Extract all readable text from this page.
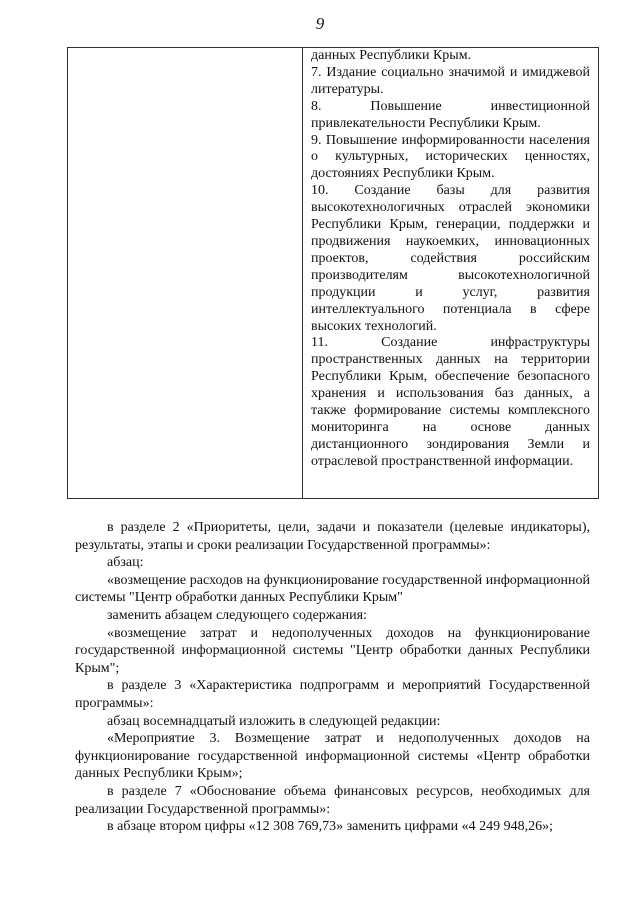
9

данных Республики Крым.

7. Издание социально значимой и имиджевой литературы.

8. Повышение инвестиционной привлекательности Республики Крым.

9. Повышение информированности населения о культурных, исторических ценностях, достояниях Республики Крым.

10. Создание базы для развития высокотехнологичных отраслей экономики Республики Крым, генерации, поддержки и продвижения наукоемких, инновационных проектов, содействия российским производителям высокотехнологичной продукции и услуг, развития интеллектуального потенциала в сфере высоких технологий.

11. Создание инфраструктуры пространственных данных на территории Республики Крым, обеспечение безопасного хранения и использования баз данных, а также формирование системы комплексного мониторинга на основе данных дистанционного зондирования Земли и отраслевой пространственной информации.

в разделе 2 «Приоритеты, цели, задачи и показатели (целевые индикаторы), результаты, этапы и сроки реализации Государственной программы»:

абзац:

«возмещение расходов на функционирование государственной информационной системы "Центр обработки данных Республики Крым"

заменить абзацем следующего содержания:

«возмещение затрат и недополученных доходов на функционирование государственной информационной системы "Центр обработки данных Республики Крым";

в разделе 3 «Характеристика подпрограмм и мероприятий Государственной программы»:

абзац восемнадцатый изложить в следующей редакции:

«Мероприятие 3. Возмещение затрат и недополученных доходов на функционирование государственной информационной системы «Центр обработки данных Республики Крым»;

в разделе 7 «Обоснование объема финансовых ресурсов, необходимых для реализации Государственной программы»:

в абзаце втором цифры «12 308 769,73» заменить цифрами «4 249 948,26»;
